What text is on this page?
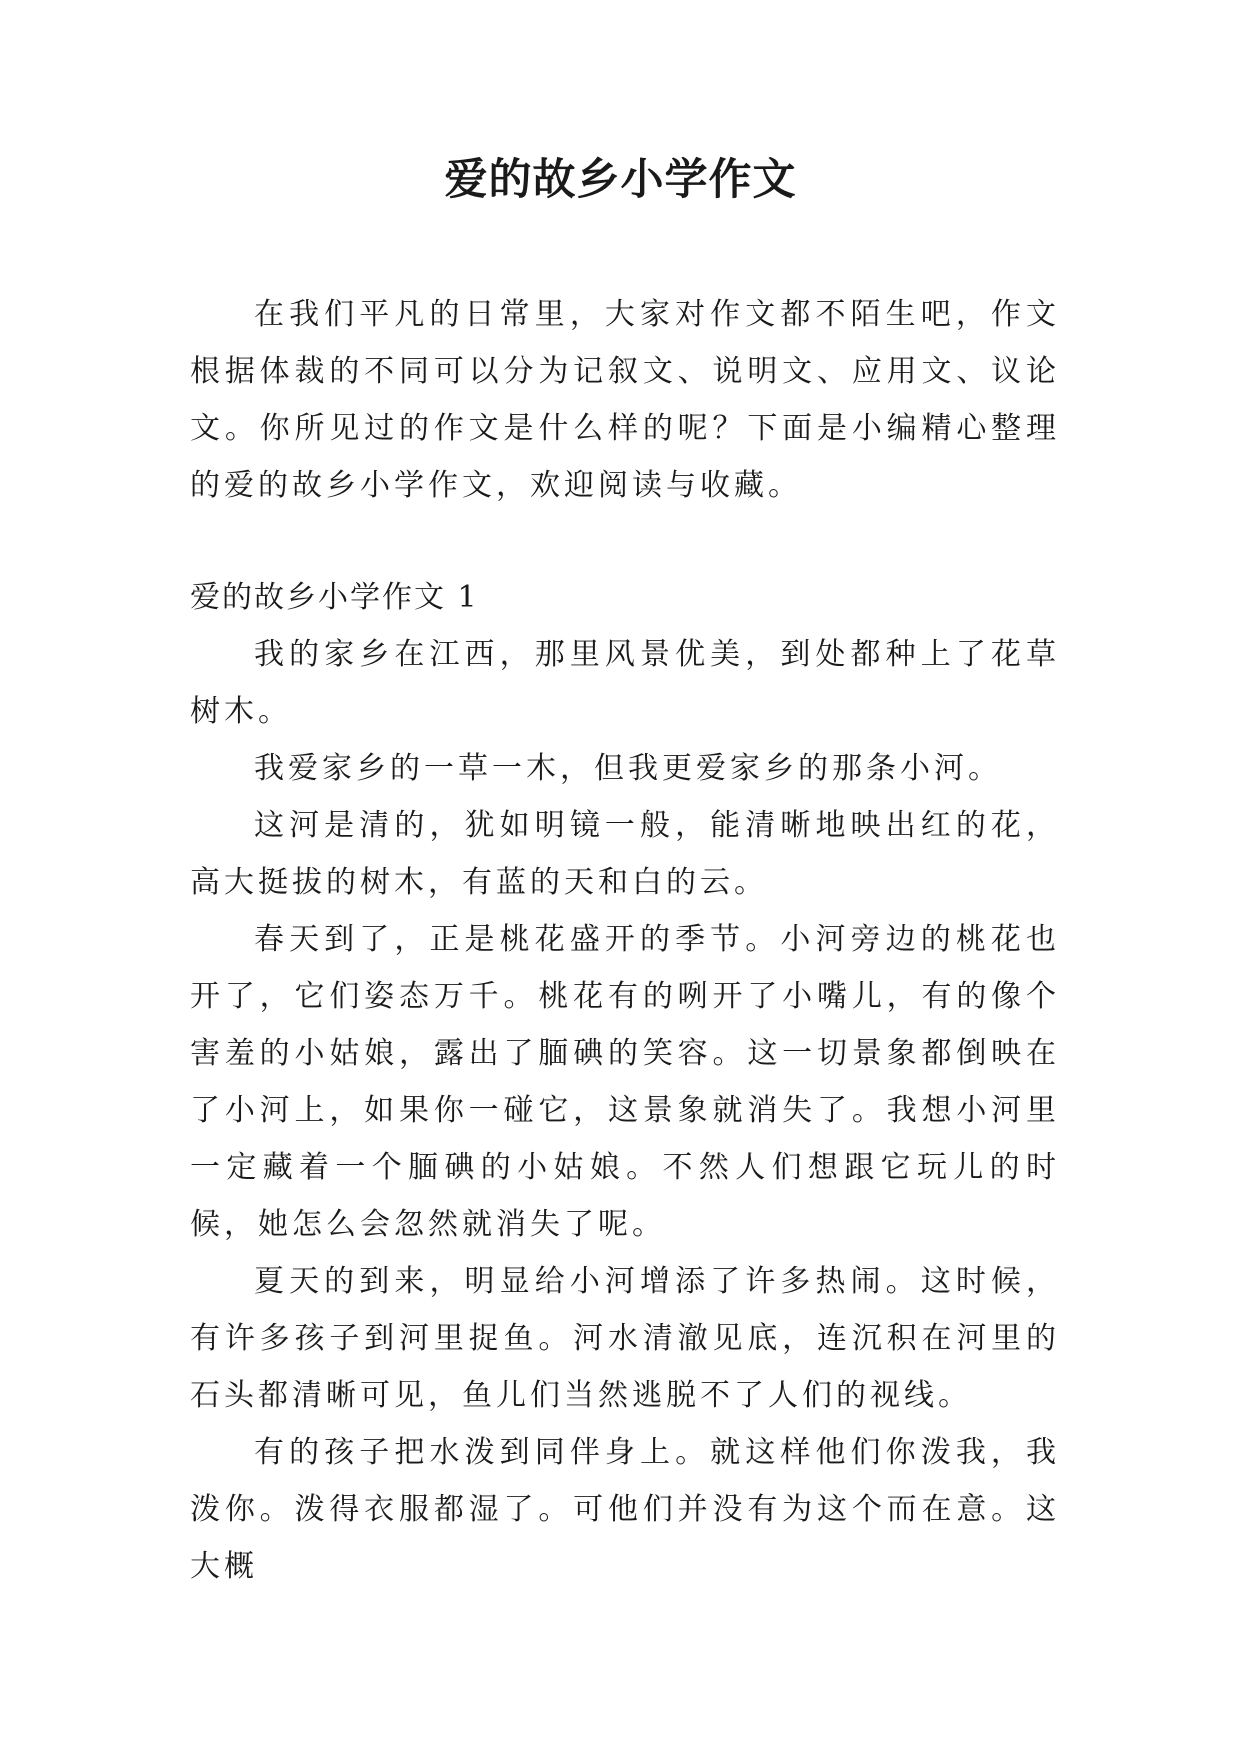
爱的故乡小学作文

在我们平凡的日常里，大家对作文都不陌生吧，作文根据体裁的不同可以分为记叙文、说明文、应用文、议论文。你所见过的作文是什么样的呢？下面是小编精心整理的爱的故乡小学作文，欢迎阅读与收藏。

爱的故乡小学作文 1

我的家乡在江西，那里风景优美，到处都种上了花草树木。

我爱家乡的一草一木，但我更爱家乡的那条小河。

这河是清的，犹如明镜一般，能清晰地映出红的花，高大挺拔的树木，有蓝的天和白的云。

春天到了，正是桃花盛开的季节。小河旁边的桃花也开了，它们姿态万千。桃花有的咧开了小嘴儿，有的像个害羞的小姑娘，露出了腼碘的笑容。这一切景象都倒映在了小河上，如果你一碰它，这景象就消失了。我想小河里一定藏着一个腼碘的小姑娘。不然人们想跟它玩儿的时候，她怎么会忽然就消失了呢。

夏天的到来，明显给小河增添了许多热闹。这时候，有许多孩子到河里捉鱼。河水清澈见底，连沉积在河里的石头都清晰可见，鱼儿们当然逃脱不了人们的视线。

有的孩子把水泼到同伴身上。就这样他们你泼我，我泼你。泼得衣服都湿了。可他们并没有为这个而在意。这大概
